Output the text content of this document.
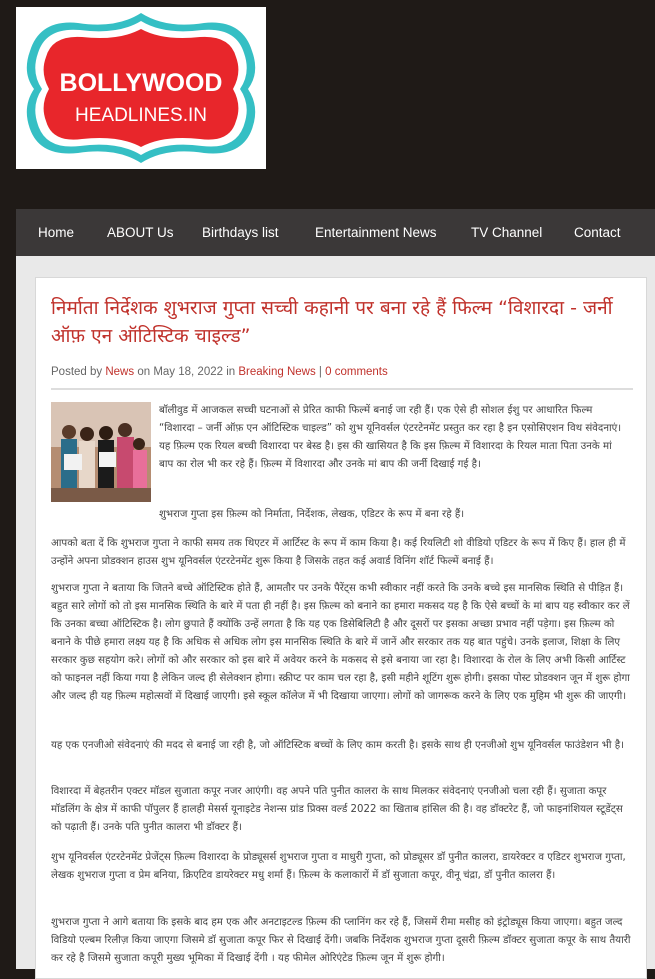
BOLLYWOOD
HEADLINES.IN
Home ABOUT Us Birthdays list	Entertainment News	TV Channel Contact
निर्माता निर्देशक शुभराज गुप्ता सच्ची कहानी पर बना रहे हैं फिल्म “विशारदा - जर्नी ऑफ़ एन ऑटिस्टिक चाइल्ड”
Posted by News on May 18, 2022 in Breaking News | 0 comments

बॉलीवुड में आजकल सच्ची घटनाओं से प्रेरित काफी फिल्में बनाई जा रही हैं। एक ऐसे ही सोशल ईशु पर आधारित फिल्म “विशारदा – जर्नी ऑफ़ एन ऑटिस्टिक चाइल्ड” को शुभ यूनिवर्सल एंटरटेनमेंट प्रस्तुत कर रहा है इन एसोसिएशन विथ संवेदनाएं। यह फ़िल्म एक रियल बच्ची विशारदा पर बेस्ड है। इस की खासियत है कि इस फ़िल्म में विशारदा के रियल माता पिता उनके मां बाप का रोल भी कर रहे हैं। फ़िल्म में विशारदा और उनके मां बाप की जर्नी दिखाई गई है।

शुभराज गुप्ता इस फ़िल्म को निर्माता, निर्देशक, लेखक, एडिटर के रूप में बना रहे हैं।

आपको बता दें कि शुभराज गुप्ता ने काफी समय तक थिएटर में आर्टिस्ट के रूप में काम किया है। कई रियलिटी शो वीडियो एडिटर के रूप में किए हैं। हाल ही में उन्होंने अपना प्रोडक्शन हाउस शुभ यूनिवर्सल एंटरटेनमेंट शुरू किया है जिसके तहत कई अवार्ड विनिंग शॉर्ट फिल्में बनाई हैं।

शुभराज गुप्ता ने बताया कि जितने बच्चे ऑटिस्टिक होते हैं, आमतौर पर उनके पैरेंट्स कभी स्वीकार नहीं करते कि उनके बच्चे इस मानसिक स्थिति से पीड़ित हैं। बहुत सारे लोगों को तो इस मानसिक स्थिति के बारे में पता ही नहीं है। इस फ़िल्म को बनाने का हमारा मकसद यह है कि ऐसे बच्चों के मां बाप यह स्वीकार कर लें कि उनका बच्चा ऑटिस्टिक है। लोग छुपाते हैं क्योंकि उन्हें लगता है कि यह एक डिसेबिलिटी है और दूसरों पर इसका अच्छा प्रभाव नहीं पड़ेगा। इस फ़िल्म को बनाने के पीछे हमारा लक्ष्य यह है कि अधिक से अधिक लोग इस मानसिक स्थिति के बारे में जानें और सरकार तक यह बात पहुंचे। उनके इलाज, शिक्षा के लिए सरकार कुछ सहयोग करे। लोगों को और सरकार को इस बारे में अवेयर करने के मकसद से इसे बनाया जा रहा है। विशारदा के रोल के लिए अभी किसी आर्टिस्ट को फाइनल नहीं किया गया है लेकिन जल्द ही सेलेक्शन होगा। स्क्रीप्ट पर काम चल रहा है, इसी महीने शूटिंग शुरू होगी। इसका पोस्ट प्रोडक्शन जून में शुरू होगा और जल्द ही यह फ़िल्म महोत्सवों में दिखाई जाएगी। इसे स्कूल कॉलेज में भी दिखाया जाएगा। लोगों को जागरूक करने के लिए एक मुहिम भी शुरू की जाएगी।

यह एक एनजीओ संवेदनाएं की मदद से बनाई जा रही है, जो ऑटिस्टिक बच्चों के लिए काम करती है। इसके साथ ही एनजीओ शुभ यूनिवर्सल फाउंडेशन भी है।

विशारदा में बेहतरीन एक्टर मॉडल सुजाता कपूर नजर आएंगी। वह अपने पति पुनीत कालरा के साथ मिलकर संवेदनाएं एनजीओ चला रही हैं। सुजाता कपूर मॉडलिंग के क्षेत्र में काफी पॉपुलर हैं हालही मेसर्स यूनाइटेड नेशन्स ग्रांड प्रिक्स वर्ल्ड 2022 का खिताब हांसिल की है। वह डॉक्टरेट हैं, जो फाइनांशियल स्टूडेंट्स को पढ़ाती हैं। उनके पति पुनीत कालरा भी डॉक्टर हैं।

शुभ यूनिवर्सल एंटरटेनमेंट प्रेजेंट्स फ़िल्म विशारदा के प्रोड्यूसर्स शुभराज गुप्ता व माधुरी गुप्ता, को प्रोड्यूसर डॉ पुनीत कालरा, डायरेक्टर व एडिटर शुभराज गुप्ता, लेखक शुभराज गुप्ता व प्रेम बनिया, क्रिएटिव डायरेक्टर मधु शर्मा हैं। फ़िल्म के कलाकारों में डॉ सुजाता कपूर, वीनू चंद्रा, डॉ पुनीत कालरा हैं।

शुभराज गुप्ता ने आगे बताया कि इसके बाद हम एक और अनटाइटल्ड फ़िल्म की प्लानिंग कर रहे हैं, जिसमें रीमा मसीह को इंट्रोड्यूस किया जाएगा। बहुत जल्द विडियो एल्बम रिलीज़ किया जाएगा जिसमे डॉ सुजाता कपूर फिर से दिखाई देंगी। जबकि निर्देशक शुभराज गुप्ता दूसरी फ़िल्म डॉक्टर सुजाता कपूर के साथ तैयारी कर रहे है जिसमे सुजाता कपूरी मुख्य भूमिका में दिखाई देंगी । यह फीमेल ओरिएंटेड फ़िल्म जून में शुरू होगी।
